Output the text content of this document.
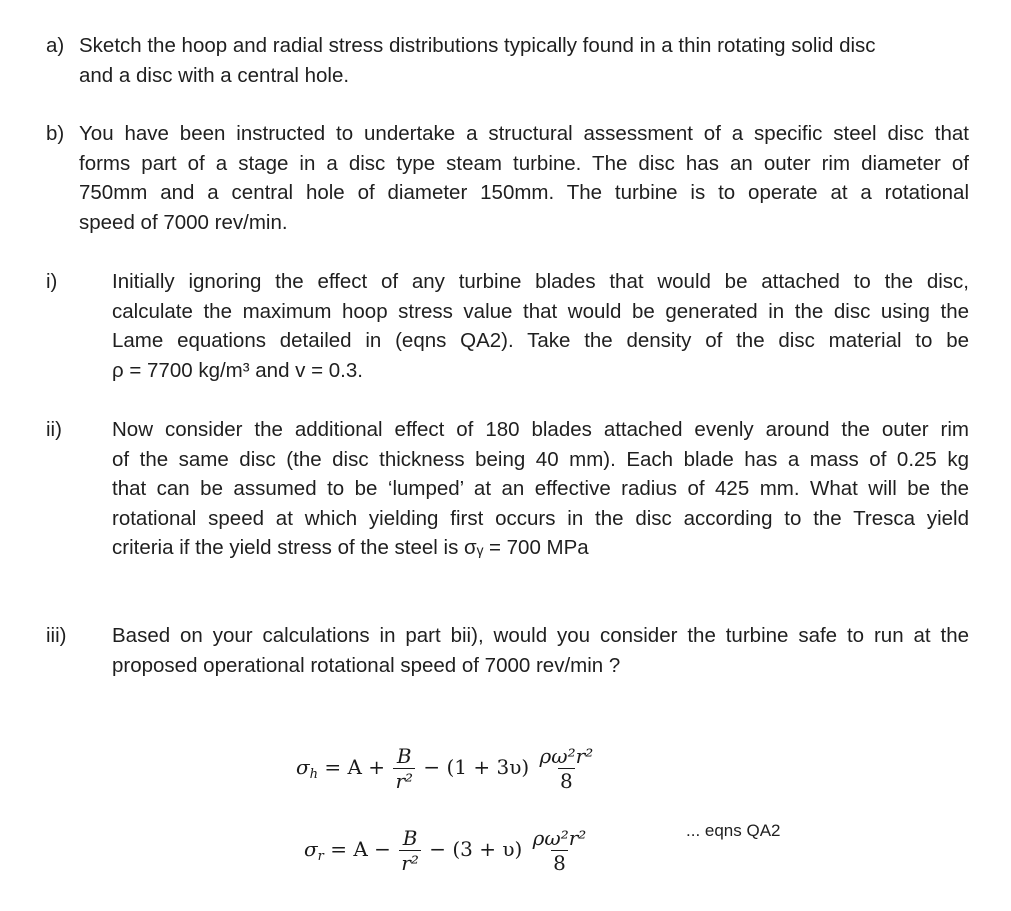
a) Sketch the hoop and radial stress distributions typically found in a thin rotating solid disc
and a disc with a central hole.
b) You have been instructed to undertake a structural assessment of a specific steel disc that
forms part of a stage in a disc type steam turbine. The disc has an outer rim diameter of
750mm and a central hole of diameter 150mm. The turbine is to operate at a rotational
speed of 7000 rev/min.
i)	Initially ignoring the effect of any turbine blades that would be attached to the disc,
calculate the maximum hoop stress value that would be generated in the disc using the
Lame equations detailed in (eqns QA2). Take the density of the disc material to be
ρ = 7700 kg/m³ and v = 0.3.
ii) Now consider the additional effect of 180 blades attached evenly around the outer rim
of the same disc (the disc thickness being 40 mm). Each blade has a mass of 0.25 kg
that can be assumed to be ‘lumped’ at an effective radius of 425 mm. What will be the
rotational speed at which yielding first occurs in the disc according to the Tresca yield
criteria if the yield stress of the steel is σᵧ = 700 MPa
iii) Based on your calculations in part bii), would you consider the turbine safe to run at the
proposed operational rotational speed of 7000 rev/min ?
$\sigma_h = A + \frac{B}{\text{r²}} - (1 + 3\upsilon) \frac{\text{ρω²r²}}{8}$
... eqns QA2
$\sigma_r = A - \frac{B}{\text{r²}} - (3 + \upsilon) \frac{\text{ρω²r²}}{8}$
